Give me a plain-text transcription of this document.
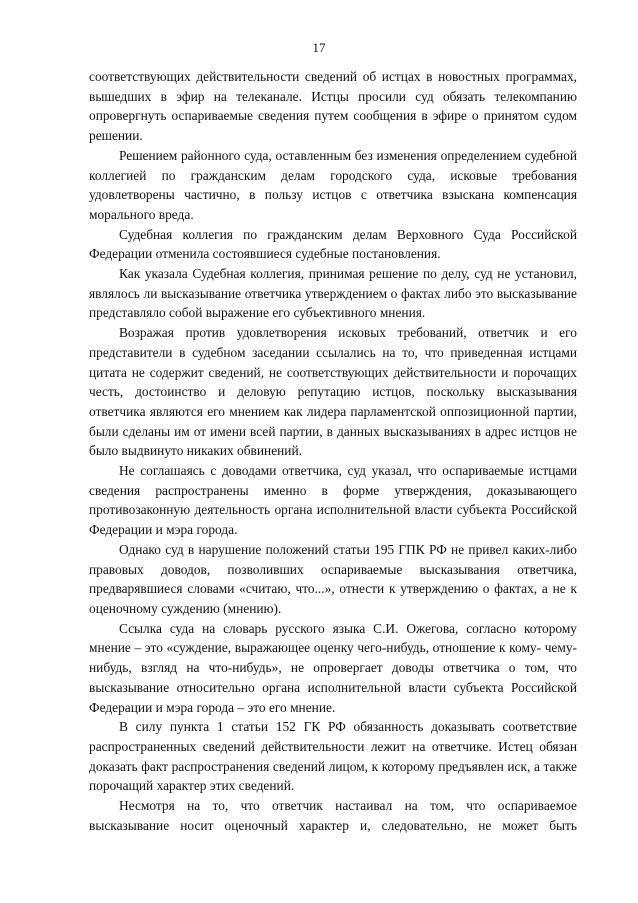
17

соответствующих действительности сведений об истцах в новостных программах, вышедших в эфир на телеканале. Истцы просили суд обязать телекомпанию опровергнуть оспариваемые сведения путем сообщения в эфире о принятом судом решении.

Решением районного суда, оставленным без изменения определением судебной коллегией по гражданским делам городского суда, исковые требования удовлетворены частично, в пользу истцов с ответчика взыскана компенсация морального вреда.

Судебная коллегия по гражданским делам Верховного Суда Российской Федерации отменила состоявшиеся судебные постановления.

Как указала Судебная коллегия, принимая решение по делу, суд не установил, являлось ли высказывание ответчика утверждением о фактах либо это высказывание представляло собой выражение его субъективного мнения.

Возражая против удовлетворения исковых требований, ответчик и его представители в судебном заседании ссылались на то, что приведенная истцами цитата не содержит сведений, не соответствующих действительности и порочащих честь, достоинство и деловую репутацию истцов, поскольку высказывания ответчика являются его мнением как лидера парламентской оппозиционной партии, были сделаны им от имени всей партии, в данных высказываниях в адрес истцов не было выдвинуто никаких обвинений.

Не соглашаясь с доводами ответчика, суд указал, что оспариваемые истцами сведения распространены именно в форме утверждения, доказывающего противозаконную деятельность органа исполнительной власти субъекта Российской Федерации и мэра города.

Однако суд в нарушение положений статьи 195 ГПК РФ не привел каких-либо правовых доводов, позволивших оспариваемые высказывания ответчика, предварявшиеся словами «считаю, что...», отнести к утверждению о фактах, а не к оценочному суждению (мнению).

Ссылка суда на словарь русского языка С.И. Ожегова, согласно которому мнение – это «суждение, выражающее оценку чего-нибудь, отношение к кому- чему-нибудь, взгляд на что-нибудь», не опровергает доводы ответчика о том, что высказывание относительно органа исполнительной власти субъекта Российской Федерации и мэра города – это его мнение.

В силу пункта 1 статьи 152 ГК РФ обязанность доказывать соответствие распространенных сведений действительности лежит на ответчике. Истец обязан доказать факт распространения сведений лицом, к которому предъявлен иск, а также порочащий характер этих сведений.

Несмотря на то, что ответчик настаивал на том, что оспариваемое высказывание носит оценочный характер и, следовательно, не может быть
